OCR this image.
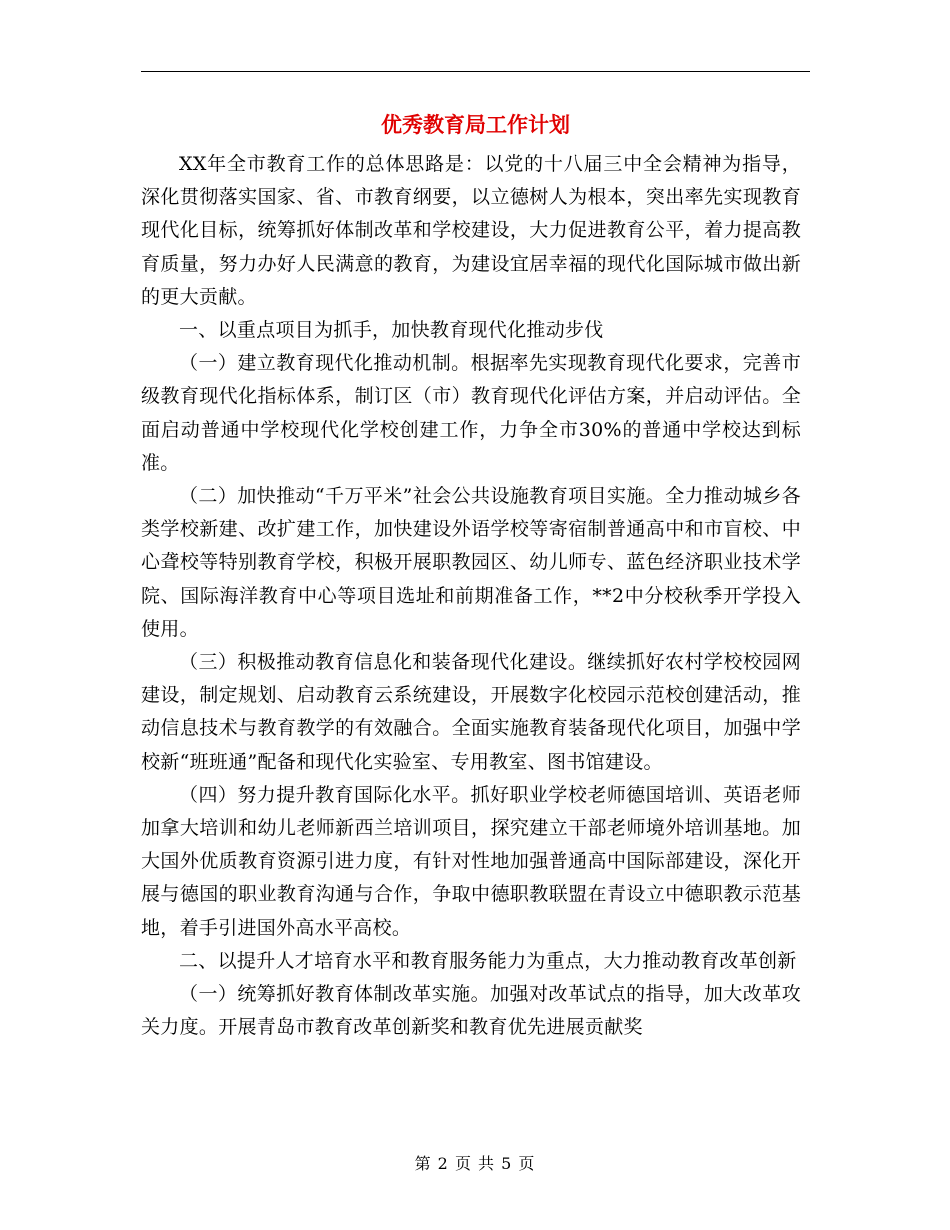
优秀教育局工作计划

XX年全市教育工作的总体思路是：以党的十八届三中全会精神为指导，深化贯彻落实国家、省、市教育纲要，以立德树人为根本，突出率先实现教育现代化目标，统筹抓好体制改革和学校建设，大力促进教育公平，着力提高教育质量，努力办好人民满意的教育，为建设宜居幸福的现代化国际城市做出新的更大贡献。

一、以重点项目为抓手，加快教育现代化推动步伐

（一）建立教育现代化推动机制。根据率先实现教育现代化要求，完善市级教育现代化指标体系，制订区（市）教育现代化评估方案，并启动评估。全面启动普通中学校现代化学校创建工作，力争全市30%的普通中学校达到标准。

（二）加快推动“千万平米”社会公共设施教育项目实施。全力推动城乡各类学校新建、改扩建工作，加快建设外语学校等寄宿制普通高中和市盲校、中心聋校等特别教育学校，积极开展职教园区、幼儿师专、蓝色经济职业技术学院、国际海洋教育中心等项目选址和前期准备工作，**2中分校秋季开学投入使用。

（三）积极推动教育信息化和装备现代化建设。继续抓好农村学校校园网建设，制定规划、启动教育云系统建设，开展数字化校园示范校创建活动，推动信息技术与教育教学的有效融合。全面实施教育装备现代化项目，加强中学校新“班班通”配备和现代化实验室、专用教室、图书馆建设。

（四）努力提升教育国际化水平。抓好职业学校老师德国培训、英语老师加拿大培训和幼儿老师新西兰培训项目，探究建立干部老师境外培训基地。加大国外优质教育资源引进力度，有针对性地加强普通高中国际部建设，深化开展与德国的职业教育沟通与合作，争取中德职教联盟在青设立中德职教示范基地，着手引进国外高水平高校。

二、以提升人才培育水平和教育服务能力为重点，大力推动教育改革创新

（一）统筹抓好教育体制改革实施。加强对改革试点的指导，加大改革攻关力度。开展青岛市教育改革创新奖和教育优先进展贡献奖

第 2 页 共 5 页
